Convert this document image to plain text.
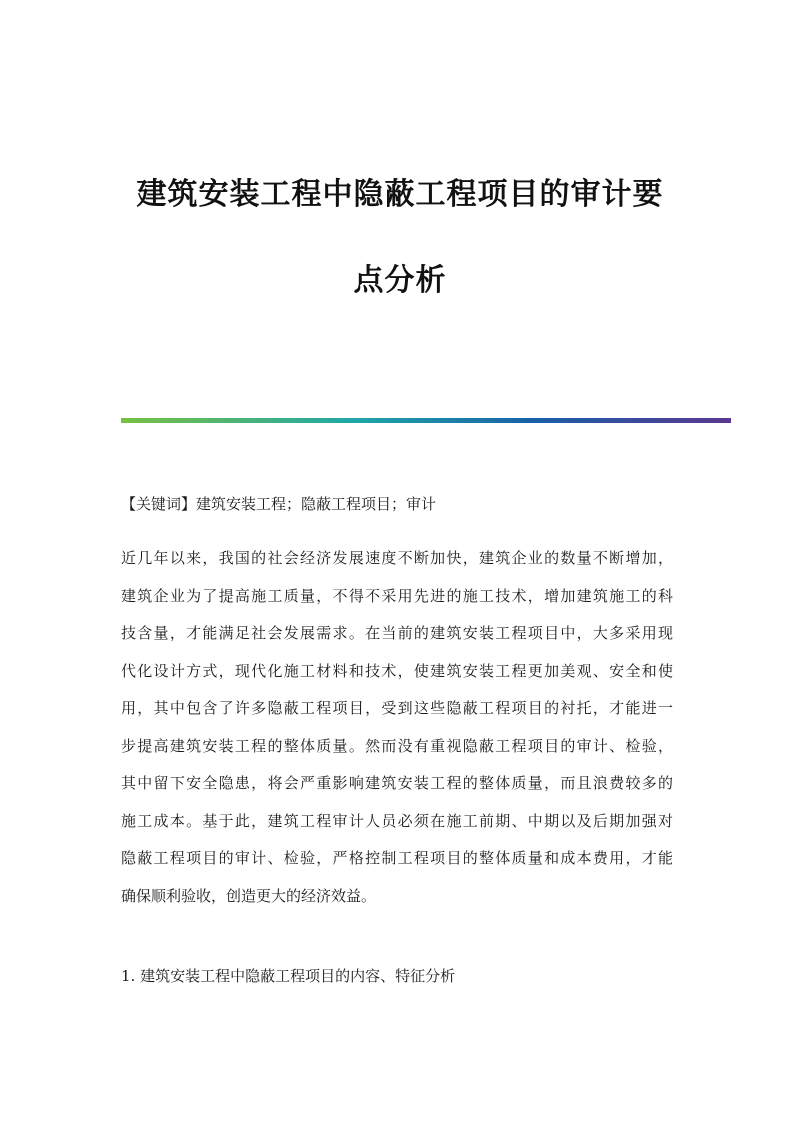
建筑安装工程中隐蔽工程项目的审计要
点分析
【关键词】建筑安装工程；隐蔽工程项目；审计
近几年以来，我国的社会经济发展速度不断加快，建筑企业的数量不断增加，
建筑企业为了提高施工质量，不得不采用先进的施工技术，增加建筑施工的科
技含量，才能满足社会发展需求。在当前的建筑安装工程项目中，大多采用现
代化设计方式，现代化施工材料和技术，使建筑安装工程更加美观、安全和使
用，其中包含了许多隐蔽工程项目，受到这些隐蔽工程项目的衬托，才能进一
步提高建筑安装工程的整体质量。然而没有重视隐蔽工程项目的审计、检验，
其中留下安全隐患，将会严重影响建筑安装工程的整体质量，而且浪费较多的
施工成本。基于此，建筑工程审计人员必须在施工前期、中期以及后期加强对
隐蔽工程项目的审计、检验，严格控制工程项目的整体质量和成本费用，才能
确保顺利验收，创造更大的经济效益。
1. 建筑安装工程中隐蔽工程项目的内容、特征分析
